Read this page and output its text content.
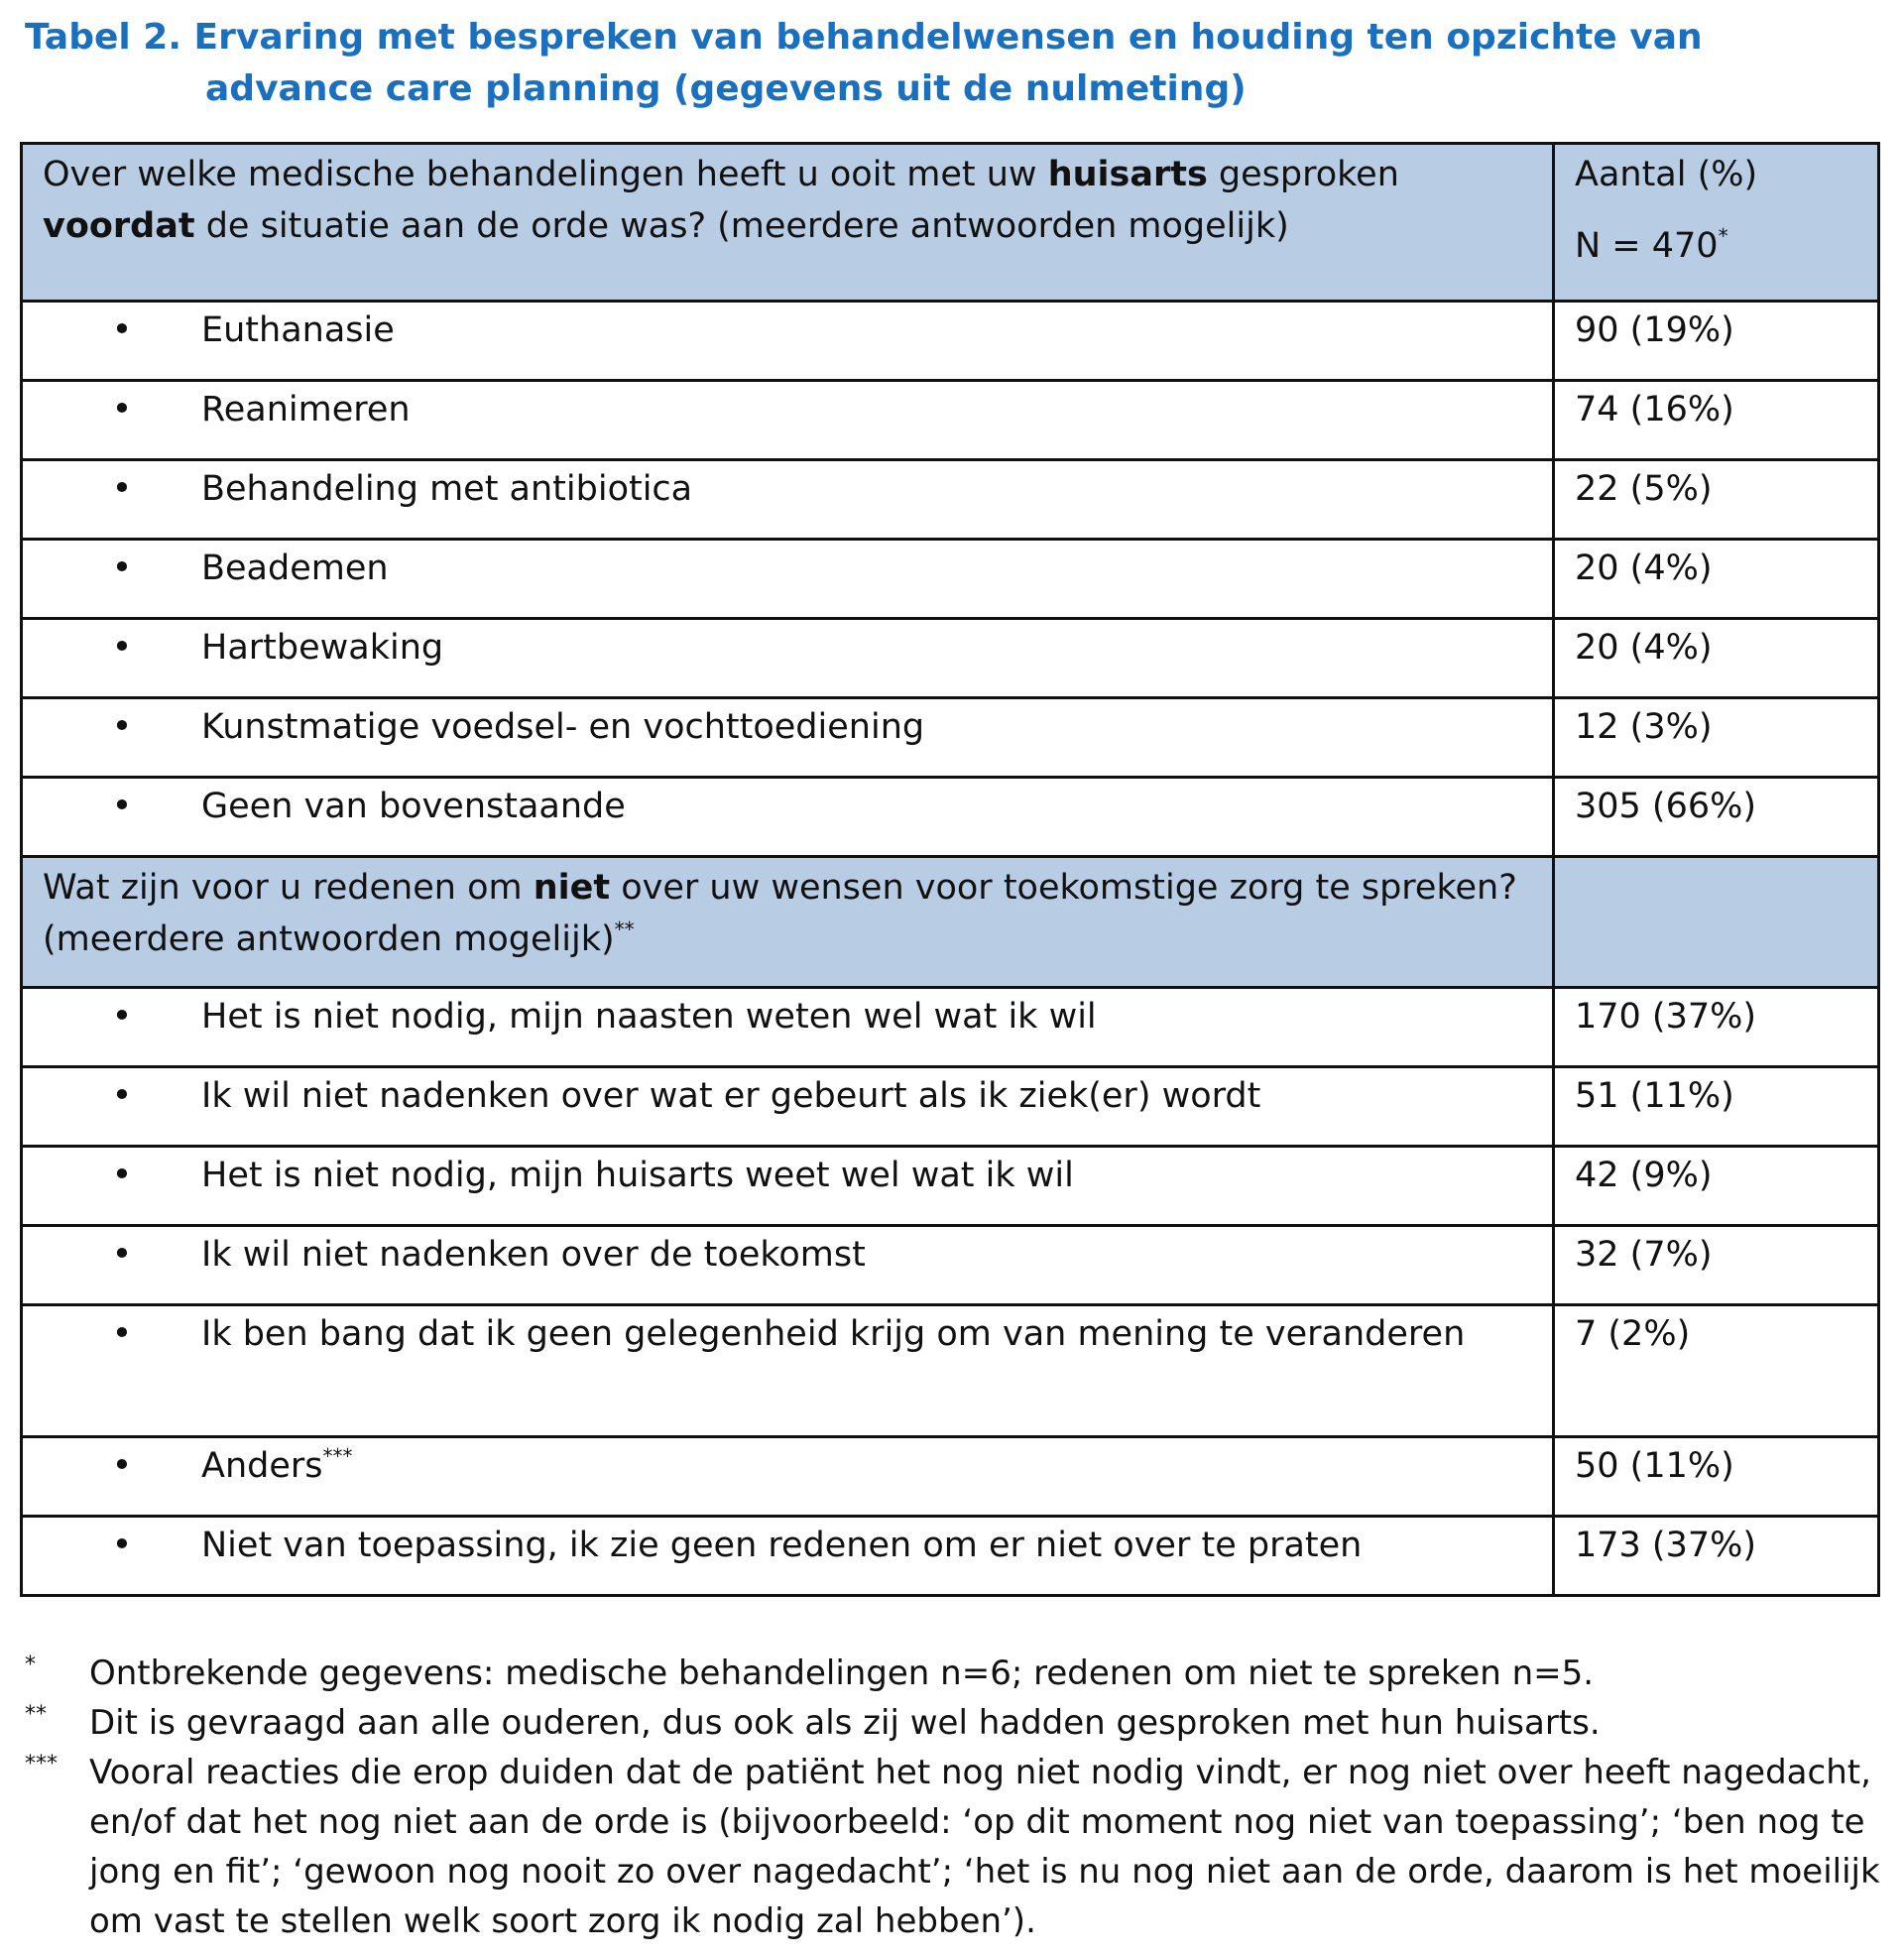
Tabel 2. Ervaring met bespreken van behandelwensen en houding ten opzichte van
advance care planning (gegevens uit de nulmeting)
Over welke medische behandelingen heeft u ooit met uw huisarts gesproken voordat de situatie aan de orde was? (meerdere antwoorden mogelijk)	Aantal (%)
N = 470*

• Euthanasie	90 (19%)

• Reanimeren	74 (16%)

• Behandeling met antibiotica	22 (5%)

• Beademen	20 (4%)

• Hartbewaking	20 (4%)

• Kunstmatige voedsel- en vochttoediening	12 (3%)

• Geen van bovenstaande	305 (66%)
Wat zijn voor u redenen om niet over uw wensen voor toekomstige zorg te spreken? (meerdere antwoorden mogelijk)**	

• Het is niet nodig, mijn naasten weten wel wat ik wil	170 (37%)

• Ik wil niet nadenken over wat er gebeurt als ik ziek(er) wordt	51 (11%)

• Het is niet nodig, mijn huisarts weet wel wat ik wil	42 (9%)

• Ik wil niet nadenken over de toekomst	32 (7%)

• Ik ben bang dat ik geen gelegenheid krijg om van mening te veranderen	7 (2%)

• Anders***	50 (11%)

• Niet van toepassing, ik zie geen redenen om er niet over te praten	173 (37%)
* Ontbrekende gegevens: medische behandelingen n=6; redenen om niet te spreken n=5.
** Dit is gevraagd aan alle ouderen, dus ook als zij wel hadden gesproken met hun huisarts.
*** Vooral reacties die erop duiden dat de patiënt het nog niet nodig vindt, er nog niet over heeft nagedacht, en/of dat het nog niet aan de orde is (bijvoorbeeld: ‘op dit moment nog niet van toepassing’; ‘ben nog te jong en fit’; ‘gewoon nog nooit zo over nagedacht’; ‘het is nu nog niet aan de orde, daarom is het moeilijk om vast te stellen welk soort zorg ik nodig zal hebben’).
